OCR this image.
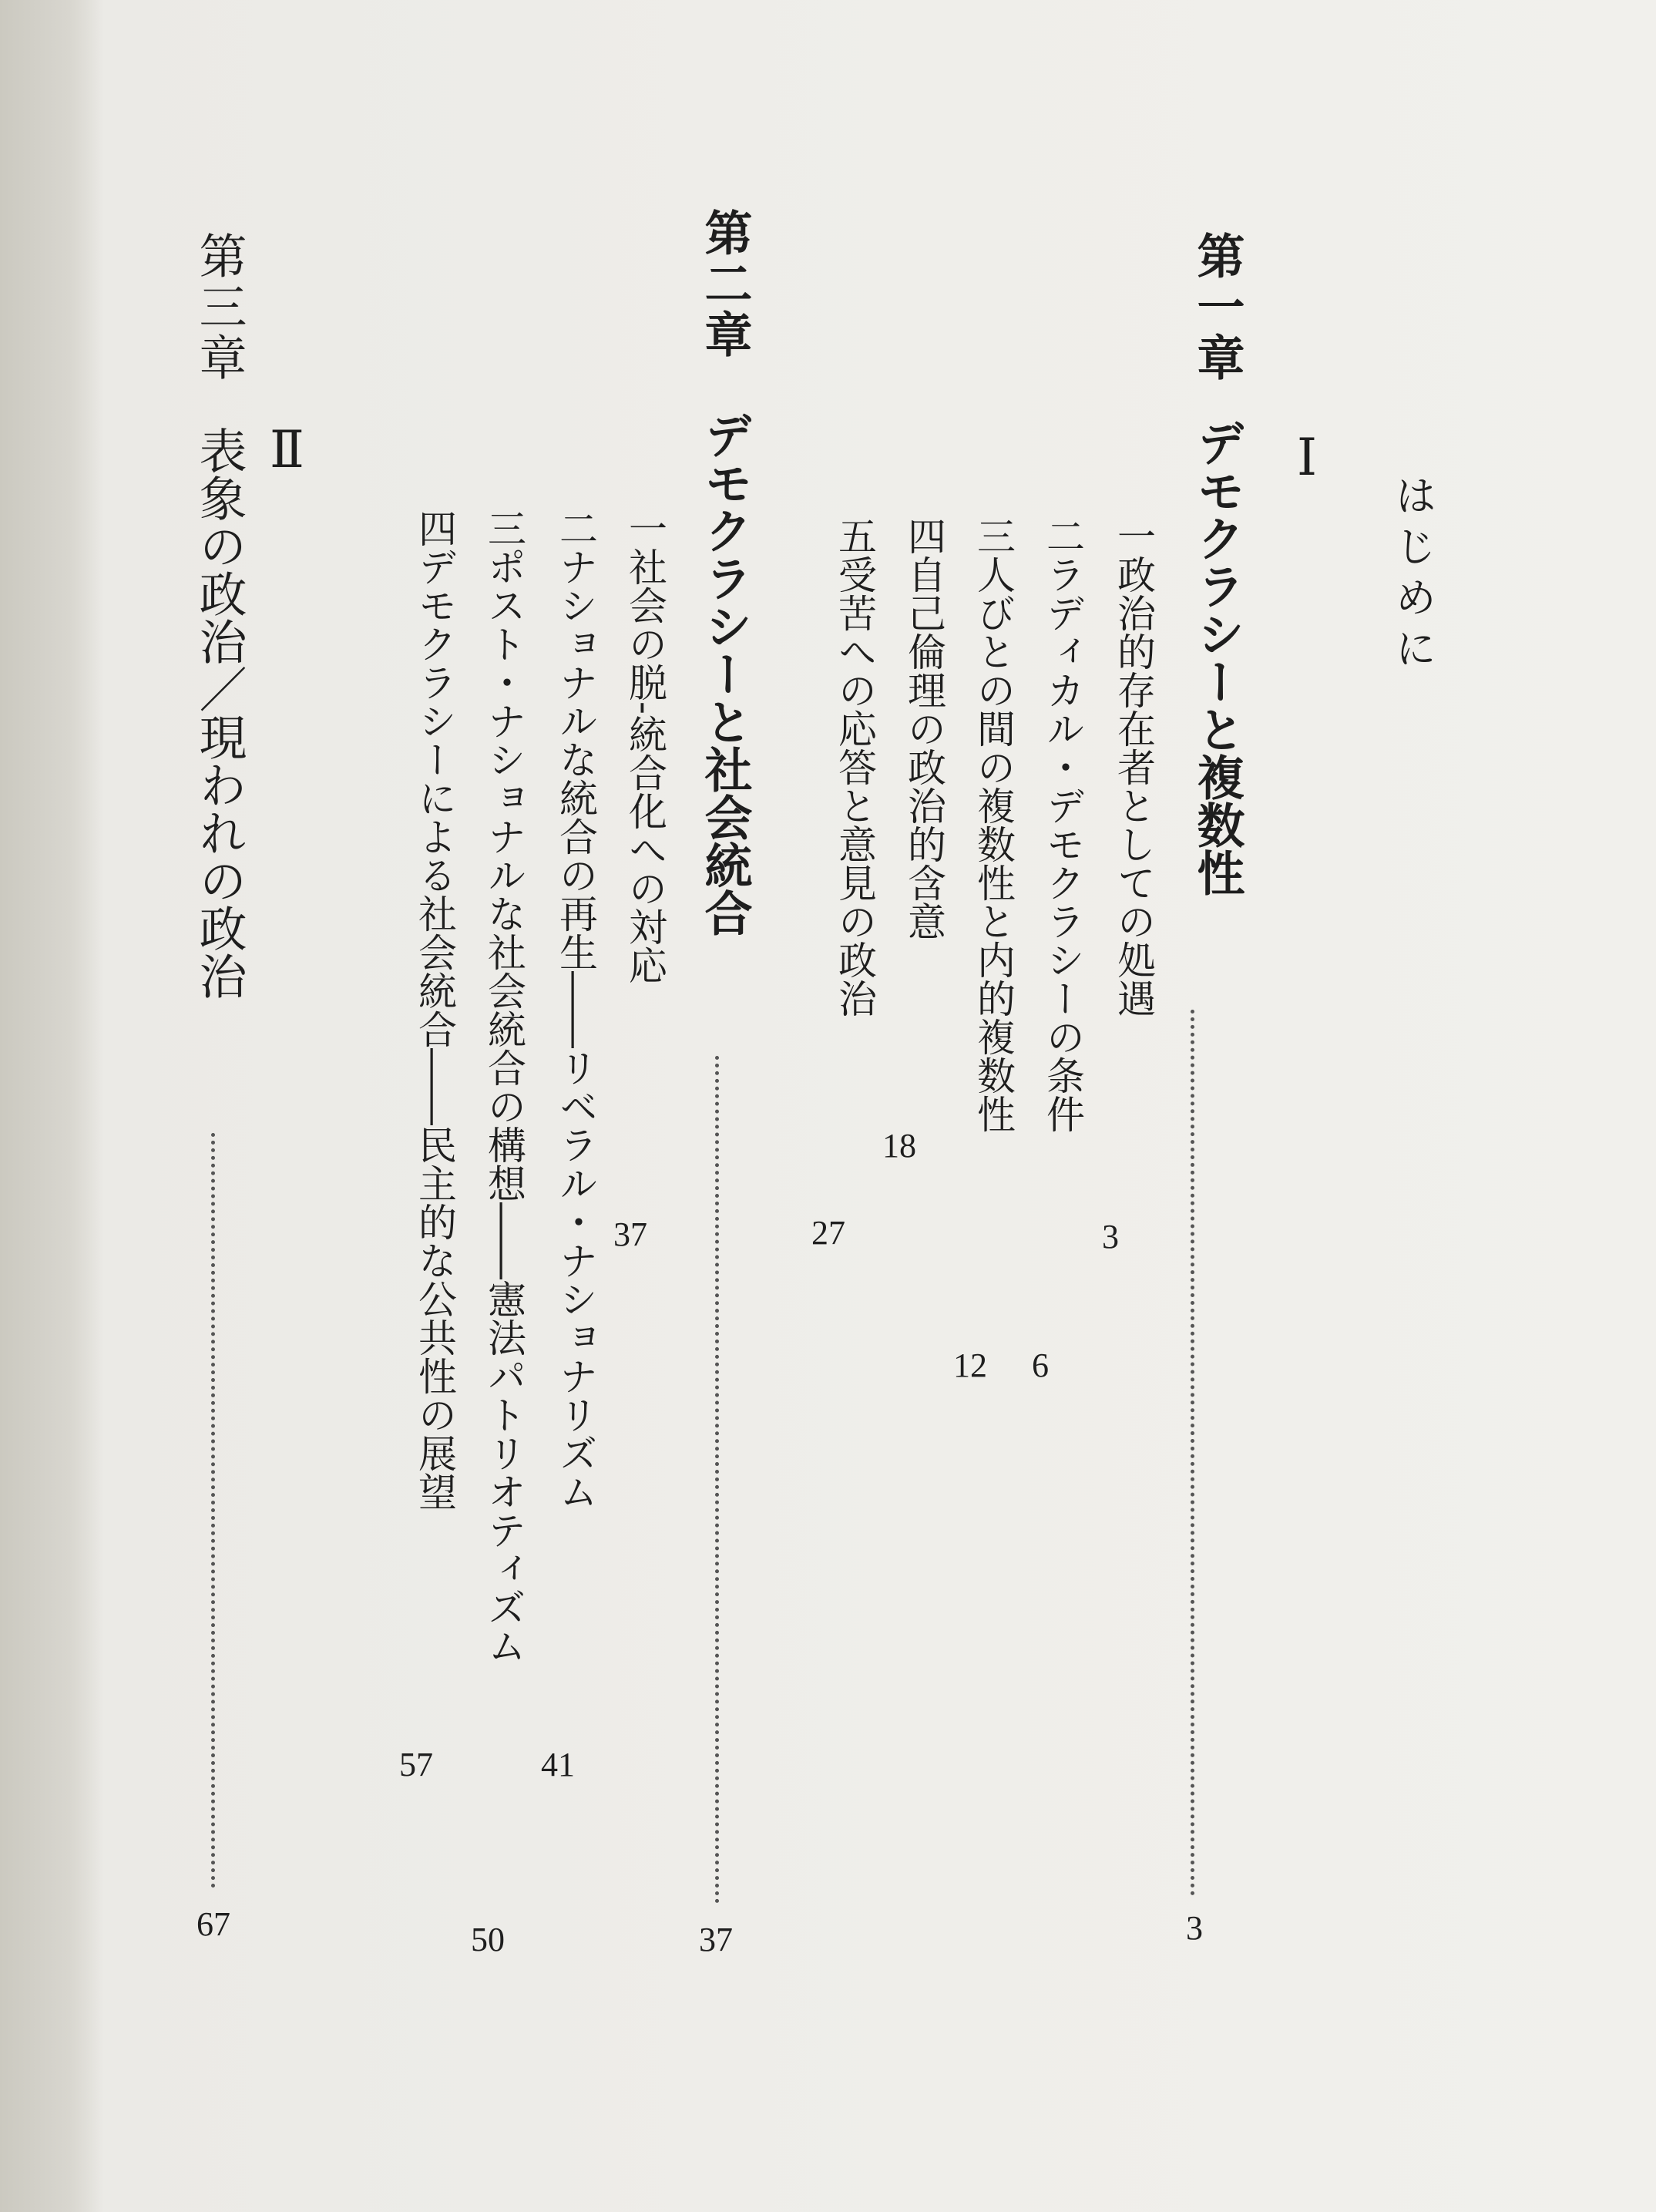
はじめに
Ⅰ
第一章デモクラシーと複数性
3
一政治的存在者としての処遇
3
二ラディカル・デモクラシーの条件
6
三人びとの間の複数性と内的複数性
12
四自己倫理の政治的含意
18
五受苦への応答と意見の政治
27
第二章デモクラシーと社会統合
37
一社会の脱‐統合化への対応
37
二ナショナルな統合の再生――リベラル・ナショナリズム
41
三ポスト・ナショナルな社会統合の構想――憲法パトリオティズム
50
四デモクラシーによる社会統合――民主的な公共性の展望
57
Ⅱ
第三章表象の政治／現われの政治
67
